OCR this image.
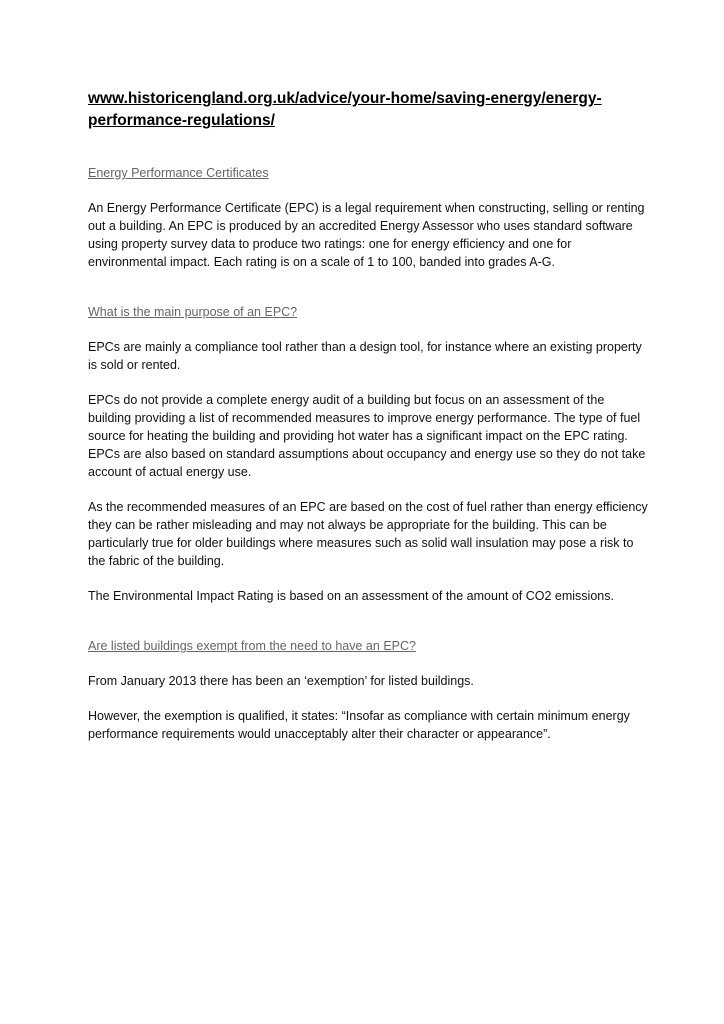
www.historicengland.org.uk/advice/your-home/saving-energy/energy-performance-regulations/
Energy Performance Certificates
An Energy Performance Certificate (EPC) is a legal requirement when constructing, selling or renting out a building. An EPC is produced by an accredited Energy Assessor who uses standard software using property survey data to produce two ratings: one for energy efficiency and one for environmental impact. Each rating is on a scale of 1 to 100, banded into grades A-G.
What is the main purpose of an EPC?
EPCs are mainly a compliance tool rather than a design tool, for instance where an existing property is sold or rented.
EPCs do not provide a complete energy audit of a building but focus on an assessment of the building providing a list of recommended measures to improve energy performance. The type of fuel source for heating the building and providing hot water has a significant impact on the EPC rating. EPCs are also based on standard assumptions about occupancy and energy use so they do not take account of actual energy use.
As the recommended measures of an EPC are based on the cost of fuel rather than energy efficiency they can be rather misleading and may not always be appropriate for the building. This can be particularly true for older buildings where measures such as solid wall insulation may pose a risk to the fabric of the building.
The Environmental Impact Rating is based on an assessment of the amount of CO2 emissions.
Are listed buildings exempt from the need to have an EPC?
From January 2013 there has been an ‘exemption’ for listed buildings.
However, the exemption is qualified, it states: “Insofar as compliance with certain minimum energy performance requirements would unacceptably alter their character or appearance”.
